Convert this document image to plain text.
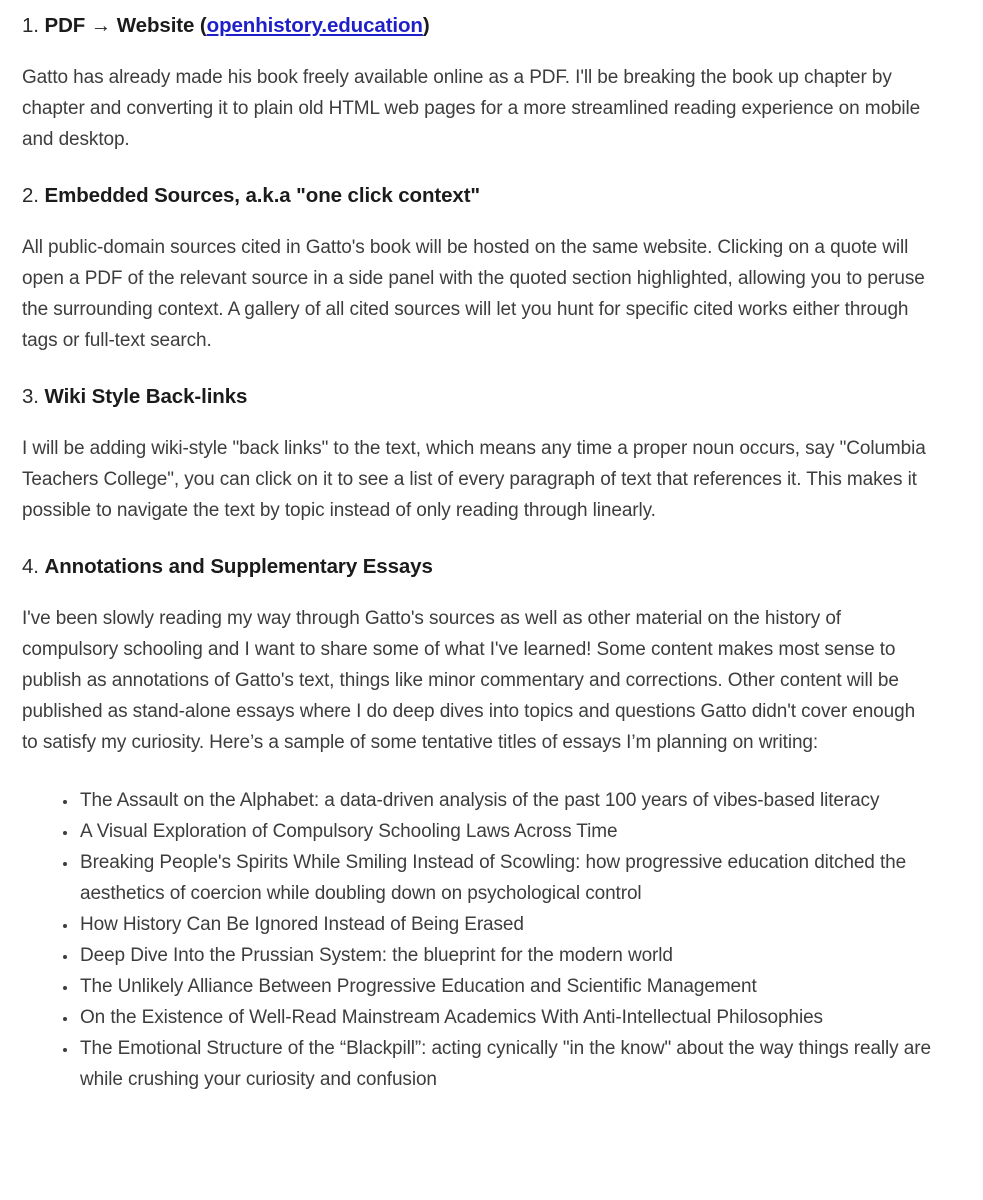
1. PDF → Website (openhistory.education)

Gatto has already made his book freely available online as a PDF. I'll be breaking the book up chapter by chapter and converting it to plain old HTML web pages for a more streamlined reading experience on mobile and desktop.

2. Embedded Sources, a.k.a "one click context"

All public-domain sources cited in Gatto's book will be hosted on the same website. Clicking on a quote will open a PDF of the relevant source in a side panel with the quoted section highlighted, allowing you to peruse the surrounding context. A gallery of all cited sources will let you hunt for specific cited works either through tags or full-text search.

3. Wiki Style Back-links

I will be adding wiki-style "back links" to the text, which means any time a proper noun occurs, say "Columbia Teachers College", you can click on it to see a list of every paragraph of text that references it. This makes it possible to navigate the text by topic instead of only reading through linearly.

4. Annotations and Supplementary Essays

I've been slowly reading my way through Gatto's sources as well as other material on the history of compulsory schooling and I want to share some of what I've learned! Some content makes most sense to publish as annotations of Gatto's text, things like minor commentary and corrections. Other content will be published as stand-alone essays where I do deep dives into topics and questions Gatto didn't cover enough to satisfy my curiosity. Here’s a sample of some tentative titles of essays I’m planning on writing:

• The Assault on the Alphabet: a data-driven analysis of the past 100 years of vibes-based literacy
• A Visual Exploration of Compulsory Schooling Laws Across Time
• Breaking People's Spirits While Smiling Instead of Scowling: how progressive education ditched the aesthetics of coercion while doubling down on psychological control
• How History Can Be Ignored Instead of Being Erased
• Deep Dive Into the Prussian System: the blueprint for the modern world
• The Unlikely Alliance Between Progressive Education and Scientific Management
• On the Existence of Well-Read Mainstream Academics With Anti-Intellectual Philosophies
• The Emotional Structure of the “Blackpill”: acting cynically "in the know" about the way things really are while crushing your curiosity and confusion
